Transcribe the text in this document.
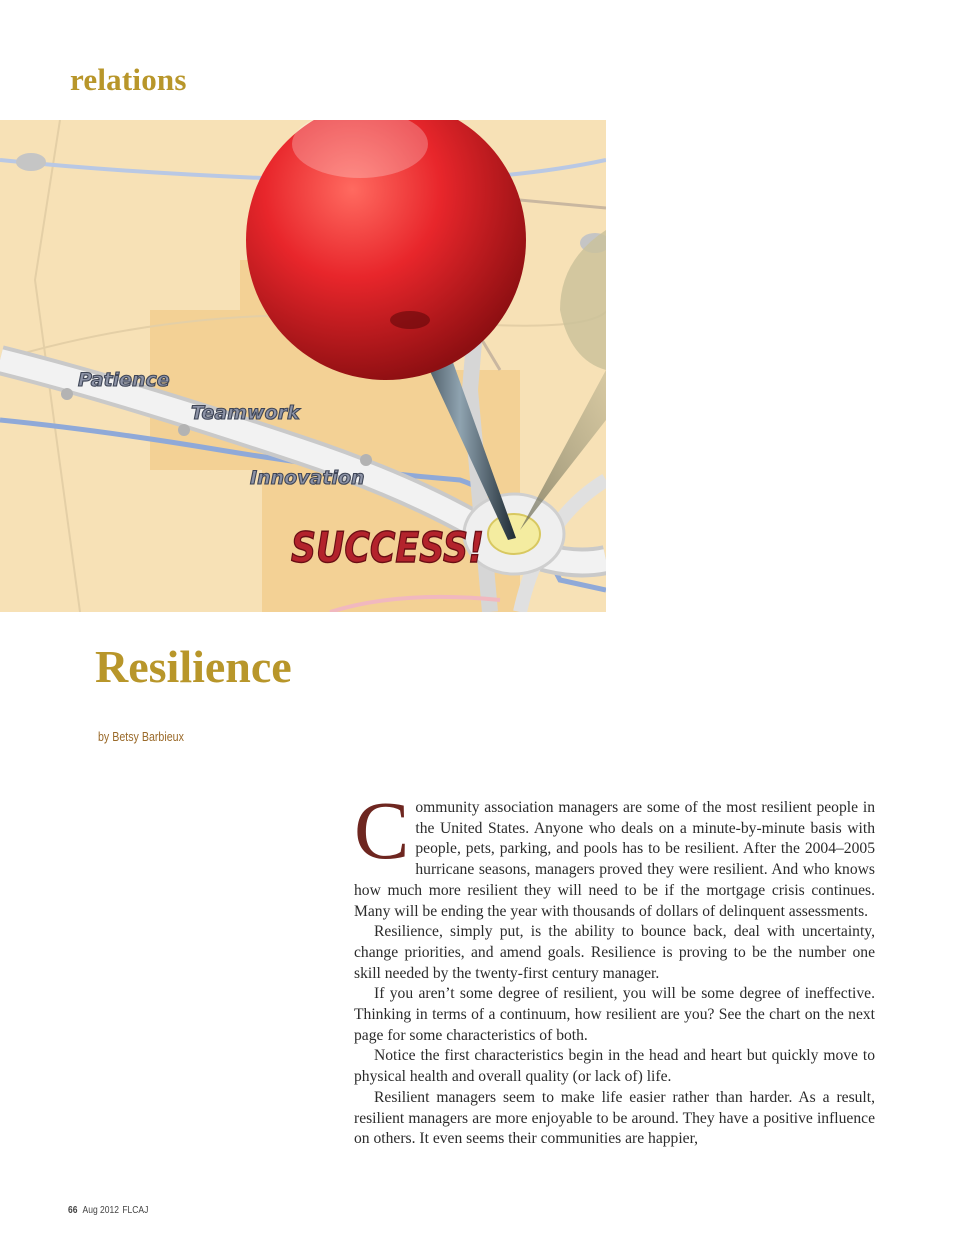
relations
Patience
Teamwork
Innovation
SUCCESS!
Resilience
by Betsy Barbieux

Community association managers are some of the most resilient people in the United States. Anyone who deals on a minute-by-minute basis with people, pets, parking, and pools has to be resilient. After the 2004–2005 hurricane seasons, managers proved they were resilient. And who knows how much more resilient they will need to be if the mortgage crisis continues. Many will be ending the year with thousands of dollars of delinquent assessments.

Resilience, simply put, is the ability to bounce back, deal with uncertainty, change priorities, and amend goals. Resilience is proving to be the number one skill needed by the twenty-first century manager.

If you aren’t some degree of resilient, you will be some degree of ineffective. Thinking in terms of a continuum, how resilient are you? See the chart on the next page for some characteristics of both.

Notice the first characteristics begin in the head and heart but quickly move to physical health and overall quality (or lack of) life.

Resilient managers seem to make life easier rather than harder. As a result, resilient managers are more enjoyable to be around. They have a positive influence on others. It even seems their communities are happier,

66 Aug 2012 FLCAJ
